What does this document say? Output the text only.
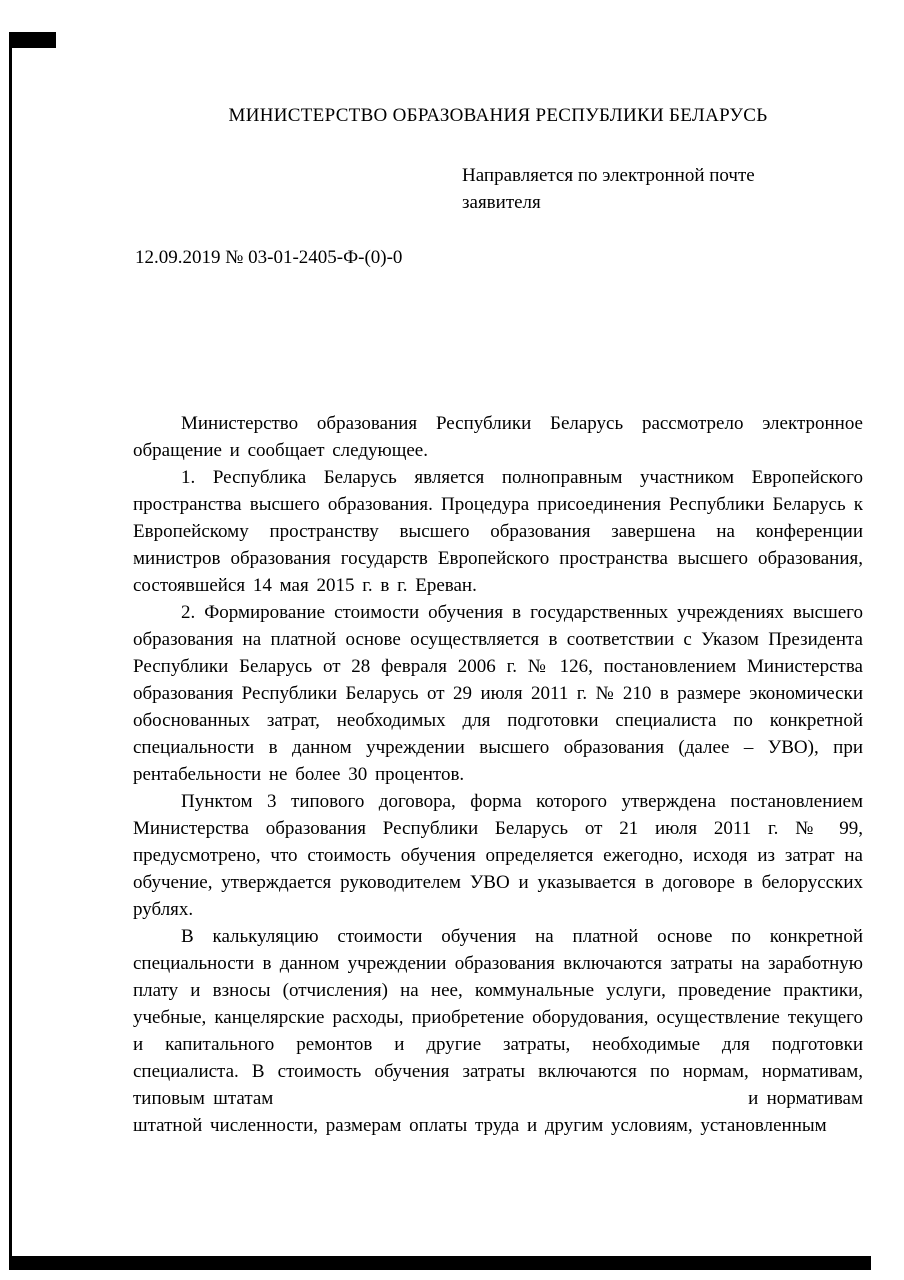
МИНИСТЕРСТВО ОБРАЗОВАНИЯ РЕСПУБЛИКИ БЕЛАРУСЬ
Направляется по электронной почте заявителя
12.09.2019 № 03-01-2405-Ф-(0)-0

Министерство образования Республики Беларусь рассмотрело электронное обращение и сообщает следующее.

1. Республика Беларусь является полноправным участником Европейского пространства высшего образования. Процедура присоединения Республики Беларусь к Европейскому пространству высшего образования завершена на конференции министров образования государств Европейского пространства высшего образования, состоявшейся 14 мая 2015 г. в г. Ереван.

2. Формирование стоимости обучения в государственных учреждениях высшего образования на платной основе осуществляется в соответствии с Указом Президента Республики Беларусь от 28 февраля 2006 г. № 126, постановлением Министерства образования Республики Беларусь от 29 июля 2011 г. № 210 в размере экономически обоснованных затрат, необходимых для подготовки специалиста по конкретной специальности в данном учреждении высшего образования (далее – УВО), при рентабельности не более 30 процентов.

Пунктом 3 типового договора, форма которого утверждена постановлением Министерства образования Республики Беларусь от 21 июля 2011 г. № 99, предусмотрено, что стоимость обучения определяется ежегодно, исходя из затрат на обучение, утверждается руководителем УВО и указывается в договоре в белорусских рублях.

В калькуляцию стоимости обучения на платной основе по конкретной специальности в данном учреждении образования включаются затраты на заработную плату и взносы (отчисления) на нее, коммунальные услуги, проведение практики, учебные, канцелярские расходы, приобретение оборудования, осуществление текущего и капитального ремонтов и другие затраты, необходимые для подготовки специалиста. В стоимость обучения затраты включаются по нормам, нормативам, типовым штатам                                                         и нормативам штатной численности, размерам оплаты труда и другим условиям, установленным
